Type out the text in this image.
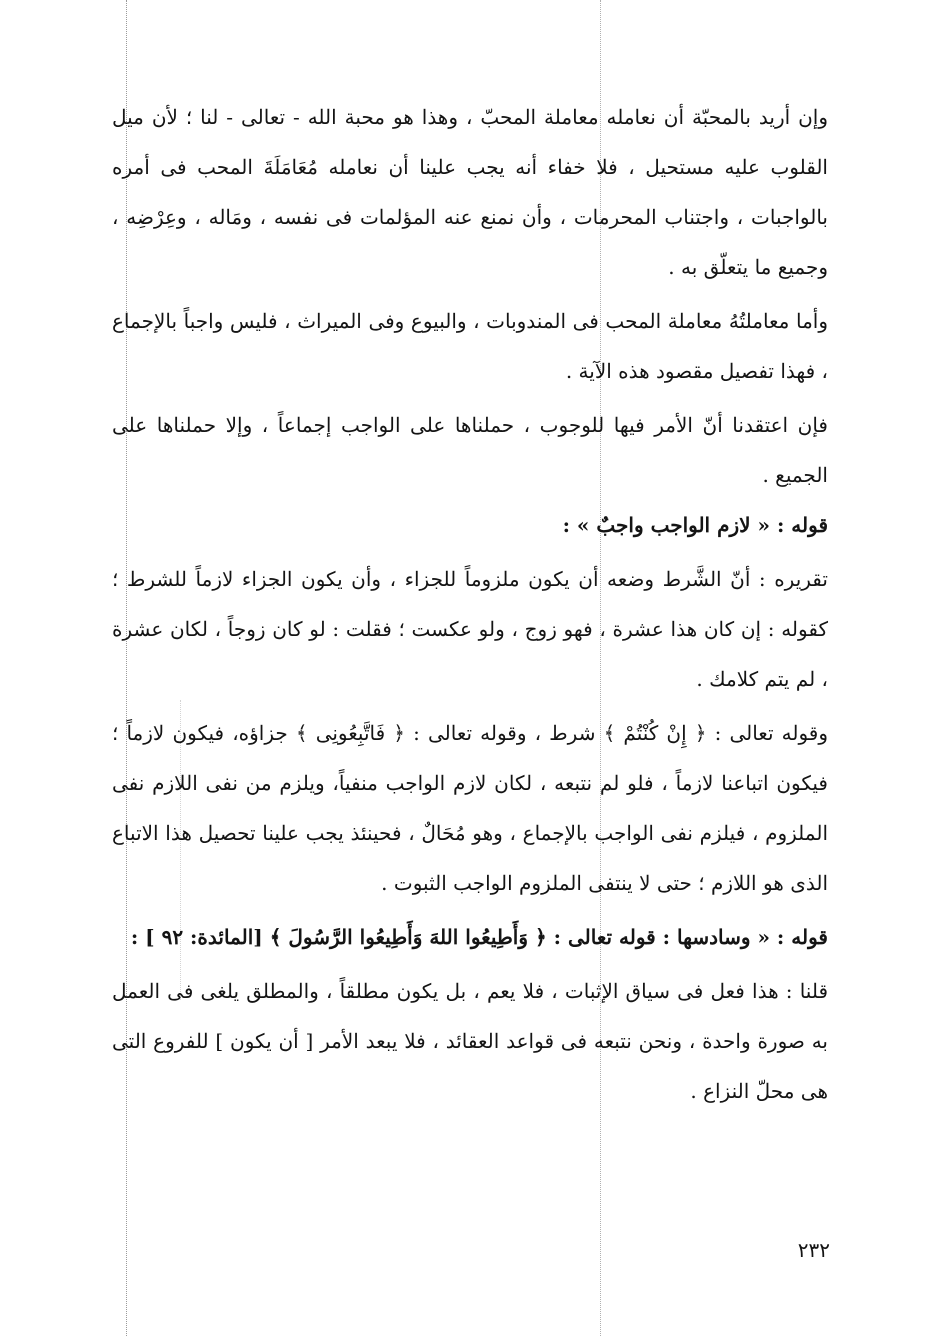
وإن أريد بالمحبّة أن نعامله معاملة المحبّ ، وهذا هو محبة الله - تعالى - لنا ؛ لأن ميل القلوب عليه مستحيل ، فلا خفاء أنه يجب علينا أن نعامله مُعَامَلَةَ المحب فى أمره بالواجبات ، واجتناب المحرمات ، وأن نمنع عنه المؤلمات فى نفسه ، ومَاله ، وعِرْضِه ، وجميع ما يتعلّق به .

وأما معاملتُهُ معاملة المحب فى المندوبات ، والبيوع وفى الميراث ، فليس واجباً بالإجماع ، فهذا تفصيل مقصود هذه الآية .

فإن اعتقدنا أنّ الأمر فيها للوجوب ، حملناها على الواجب إجماعاً ، وإلا حملناها على الجميع .

قوله : « لازم الواجب واجبٌ » :

تقريره : أنّ الشَّرط وضعه أن يكون ملزوماً للجزاء ، وأن يكون الجزاء لازماً للشرط ؛ كقوله : إن كان هذا عشرة ، فهو زوج ، ولو عكست ؛ فقلت : لو كان زوجاً ، لكان عشرة ، لم يتم كلامك .

وقوله تعالى : ﴿ إِنْ كُنْتُمْ ﴾ شرط ، وقوله تعالى : ﴿ فَاتَّبِعُونِى ﴾ جزاؤه، فيكون لازماً ؛ فيكون اتباعنا لازماً ، فلو لم نتبعه ، لكان لازم الواجب منفياً، ويلزم من نفى اللازم نفى الملزوم ، فيلزم نفى الواجب بالإجماع ، وهو مُحَالٌ ، فحينئذ يجب علينا تحصيل هذا الاتباع الذى هو اللازم ؛ حتى لا ينتفى الملزوم الواجب الثبوت .

قوله : « وسادسها : قوله تعالى : ﴿ وَأَطِيعُوا اللهَ وَأَطِيعُوا الرَّسُولَ ﴾ [المائدة: ٩٢ ] :

قلنا : هذا فعل فى سياق الإثبات ، فلا يعم ، بل يكون مطلقاً ، والمطلق يلغى فى العمل به صورة واحدة ، ونحن نتبعه فى قواعد العقائد ، فلا يبعد الأمر [ أن يكون ] للفروع التى هى محلّ النزاع .

٢٣٢
